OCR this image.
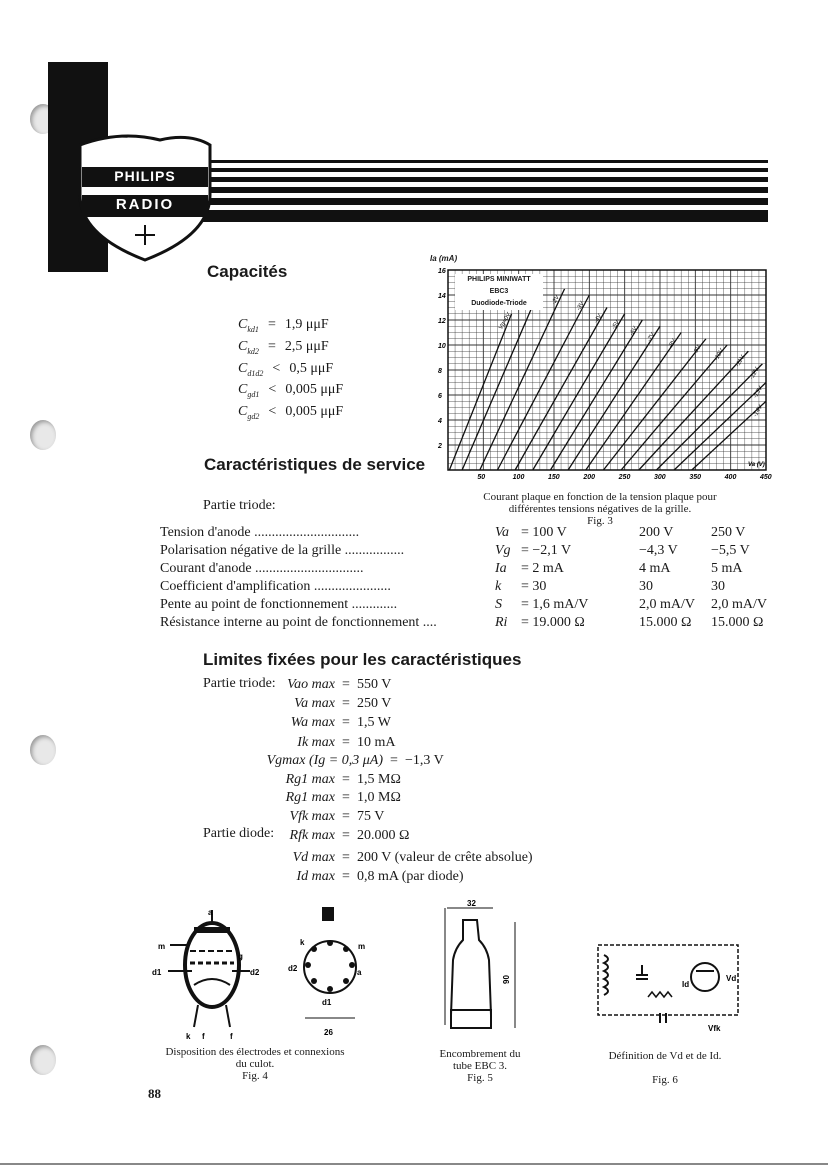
PHILIPS
RADIO
Capacités
$C_{kd1} = 1,9$ μμF
$C_{kd2} = 2,5$ μμF
$C_{d1d2} < 0,5$ μμF
$C_{gd1} < 0,005$ μμF
$C_{gd2} < 0,005$ μμF
Ia (mA)
Vg=0V
-2V
-3V
-4V
-5V
-6V
-7V
-8V
-9V -10V -11V
-12V
-13V
-14V
50	100	150	200	250	300	350	400	450
2
4
6
8
10
12
14
16
Va (V)
PHILIPS MINIWATT
EBC3
Duodiode-Triode
Courant plaque en fonction de la tension plaque pour
différentes tensions négatives de la grille.
Fig. 3
Caractéristiques de service
Partie triode:
Tension d'anode ..............................	Va	= 100 V	200 V	250 V
Polarisation négative de la grille .................	Vg	= −2,1 V	−4,3 V	−5,5 V
Courant d'anode ...............................	Ia	= 2 mA	4 mA	5 mA
Coefficient d'amplification ......................	k	= 30	30	30
Pente au point de fonctionnement .............	S	= 1,6 mA/V	2,0 mA/V	2,0 mA/V
Résistance interne au point de fonctionnement ....	Ri	= 19.000 Ω	15.000 Ω	15.000 Ω
Limites fixées pour les caractéristiques
Partie triode:
Partie diode:
Vao max = 550 V
Va max = 250 V
Wa max = 1,5 W
Ik max = 10 mA
Vgmax (Ig = 0,3 μA) = −1,3 V
Rg1 max = 1,5 MΩ
Rg1 max = 1,0 MΩ
Vfk max = 75 V
Rfk max = 20.000 Ω
Vd max = 200 V (valeur de crête absolue)
Id max = 0,8 mA (par diode)
a
m
g
d1	d2
k f	f
k	m
d2	a
d1
26
Disposition des électrodes et connexions
du culot.
Fig. 4
32
90
Encombrement du
tube EBC 3.
Fig. 5
Id
Vd
Vfk
Définition de Vd et de Id.
Fig. 6
88
